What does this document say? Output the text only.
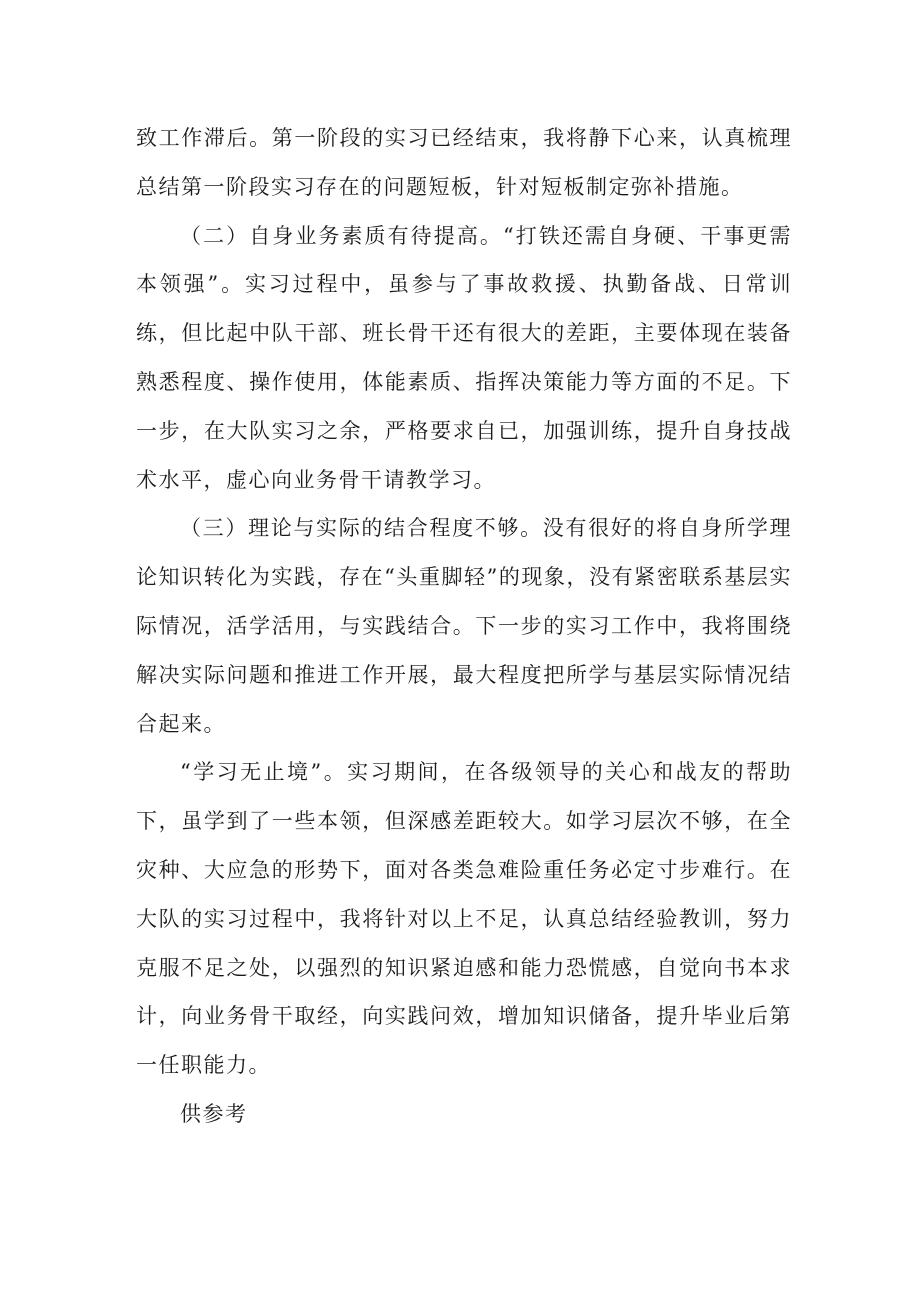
致工作滞后。第一阶段的实习已经结束，我将静下心来，认真梳理总结第一阶段实习存在的问题短板，针对短板制定弥补措施。

（二）自身业务素质有待提高。“打铁还需自身硬、干事更需本领强”。实习过程中，虽参与了事故救援、执勤备战、日常训练，但比起中队干部、班长骨干还有很大的差距，主要体现在装备熟悉程度、操作使用，体能素质、指挥决策能力等方面的不足。下一步，在大队实习之余，严格要求自已，加强训练，提升自身技战术水平，虚心向业务骨干请教学习。

（三）理论与实际的结合程度不够。没有很好的将自身所学理论知识转化为实践，存在“头重脚轻”的现象，没有紧密联系基层实际情况，活学活用，与实践结合。下一步的实习工作中，我将围绕解决实际问题和推进工作开展，最大程度把所学与基层实际情况结合起来。

“学习无止境”。实习期间，在各级领导的关心和战友的帮助下，虽学到了一些本领，但深感差距较大。如学习层次不够，在全灾种、大应急的形势下，面对各类急难险重任务必定寸步难行。在大队的实习过程中，我将针对以上不足，认真总结经验教训，努力克服不足之处，以强烈的知识紧迫感和能力恐慌感，自觉向书本求计，向业务骨干取经，向实践问效，增加知识储备，提升毕业后第一任职能力。

供参考
